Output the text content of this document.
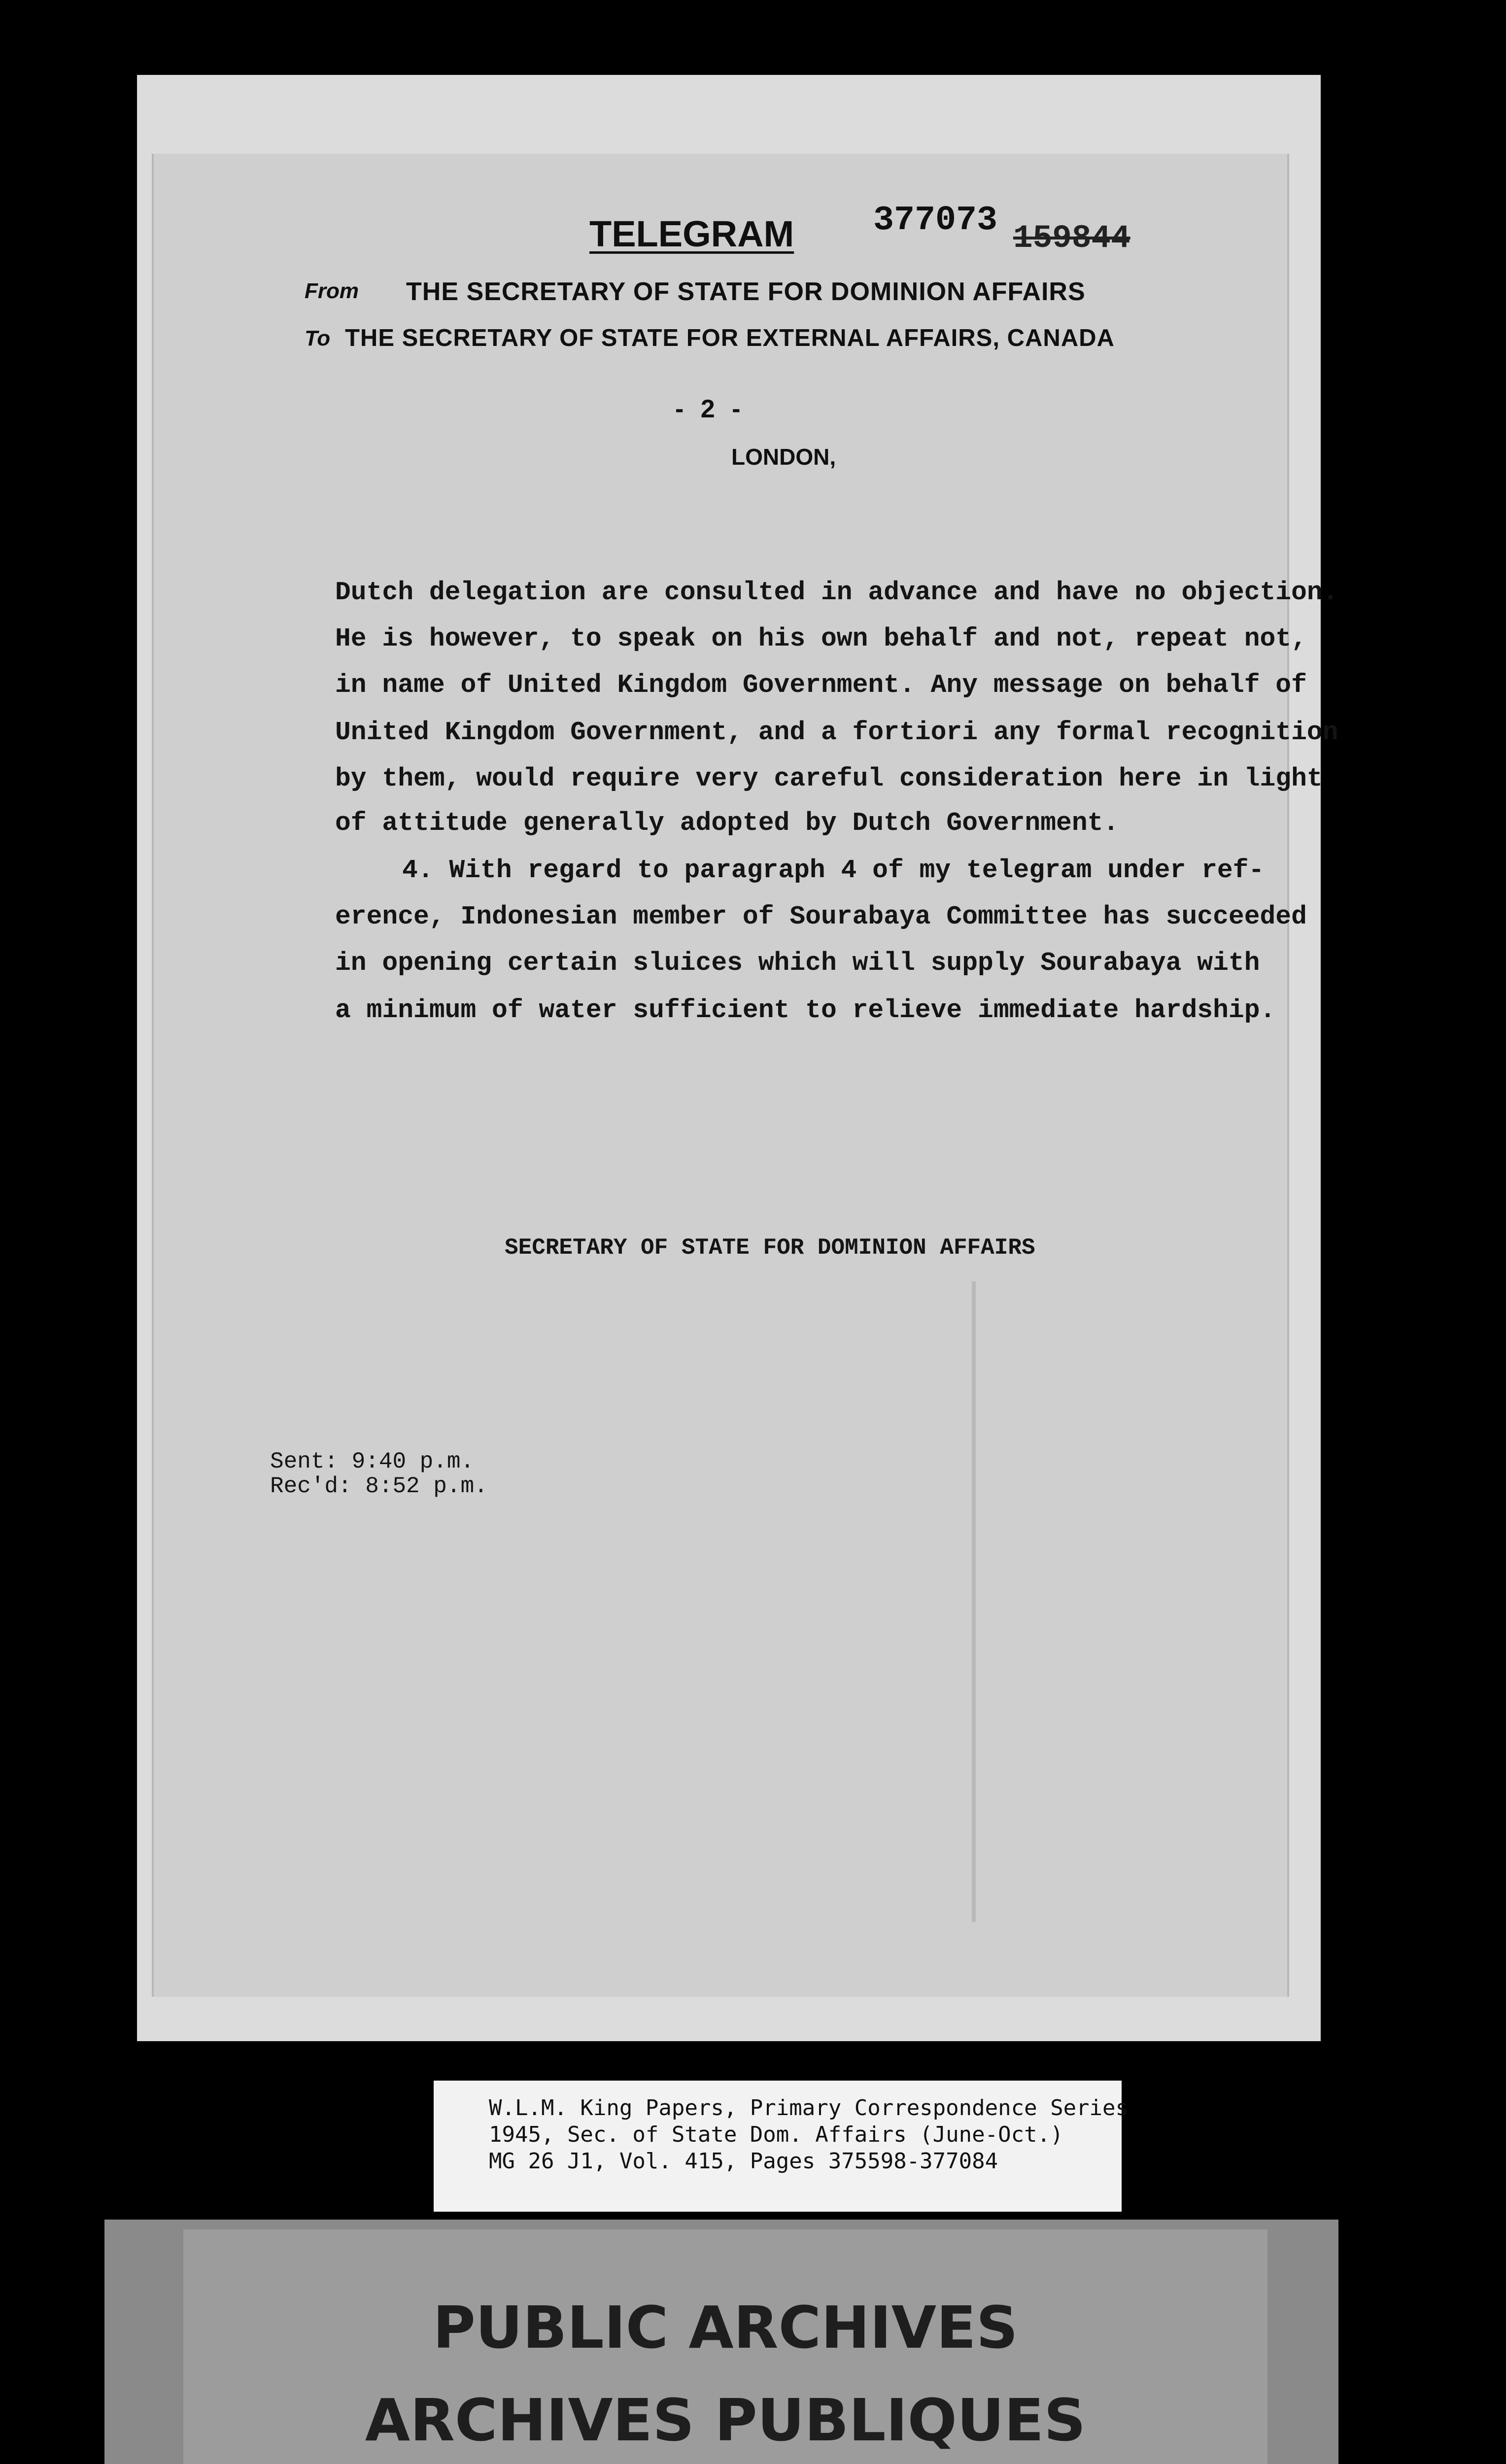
TELEGRAM 377073 159844
From THE SECRETARY OF STATE FOR DOMINION AFFAIRS
To THE SECRETARY OF STATE FOR EXTERNAL AFFAIRS, CANADA
- 2 -
LONDON,
Dutch delegation are consulted in advance and have no objection.
He is however, to speak on his own behalf and not, repeat not,
in name of United Kingdom Government. Any message on behalf of
United Kingdom Government, and a fortiori any formal recognition
by them, would require very careful consideration here in light
of attitude generally adopted by Dutch Government.
4. With regard to paragraph 4 of my telegram under ref-
erence, Indonesian member of Sourabaya Committee has succeeded
in opening certain sluices which will supply Sourabaya with
a minimum of water sufficient to relieve immediate hardship.
SECRETARY OF STATE FOR DOMINION AFFAIRS
Sent: 9:40 p.m.
Rec'd: 8:52 p.m.
W.L.M. King Papers, Primary Correspondence Series
1945, Sec. of State Dom. Affairs (June-Oct.)
MG 26 J1, Vol. 415, Pages 375598-377084
PUBLIC ARCHIVES
ARCHIVES PUBLIQUES
